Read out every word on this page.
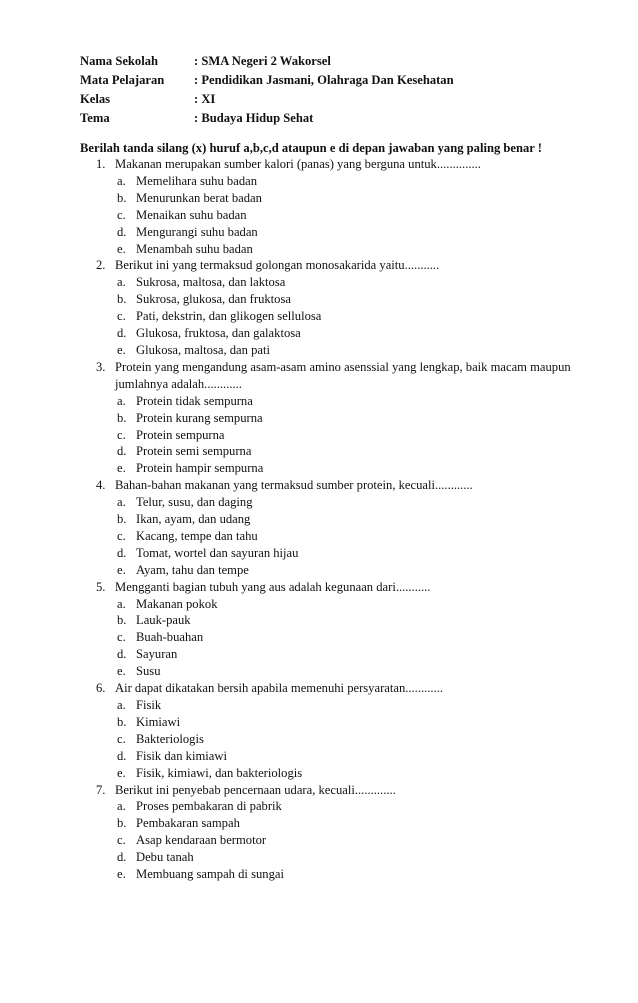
Nama Sekolah	: SMA Negeri 2 Wakorsel
Mata Pelajaran	: Pendidikan Jasmani, Olahraga Dan Kesehatan
Kelas	: XI
Tema	: Budaya Hidup Sehat
Berilah tanda silang (x) huruf a,b,c,d ataupun e di depan jawaban yang paling benar !
1. Makanan merupakan sumber kalori (panas) yang berguna untuk..............
a. Memelihara suhu badan
b. Menurunkan berat badan
c. Menaikan suhu badan
d. Mengurangi suhu badan
e. Menambah suhu badan
2. Berikut ini yang termaksud golongan monosakarida yaitu...........
a. Sukrosa, maltosa, dan laktosa
b. Sukrosa, glukosa, dan fruktosa
c. Pati, dekstrin, dan glikogen sellulosa
d. Glukosa, fruktosa, dan galaktosa
e. Glukosa, maltosa, dan pati
3. Protein yang mengandung asam-asam amino asenssial yang lengkap, baik macam maupun jumlahnya adalah............
a. Protein tidak sempurna
b. Protein kurang sempurna
c. Protein sempurna
d. Protein semi sempurna
e. Protein hampir sempurna
4. Bahan-bahan makanan yang termaksud sumber protein, kecuali............
a. Telur, susu, dan daging
b. Ikan, ayam, dan udang
c. Kacang, tempe dan tahu
d. Tomat, wortel dan sayuran hijau
e. Ayam, tahu dan tempe
5. Mengganti bagian tubuh yang aus adalah kegunaan dari...........
a. Makanan pokok
b. Lauk-pauk
c. Buah-buahan
d. Sayuran
e. Susu
6. Air dapat dikatakan bersih apabila memenuhi persyaratan............
a. Fisik
b. Kimiawi
c. Bakteriologis
d. Fisik dan kimiawi
e. Fisik, kimiawi, dan bakteriologis
7. Berikut ini penyebab pencernaan udara, kecuali.............
a. Proses pembakaran di pabrik
b. Pembakaran sampah
c. Asap kendaraan bermotor
d. Debu tanah
e. Membuang sampah di sungai
